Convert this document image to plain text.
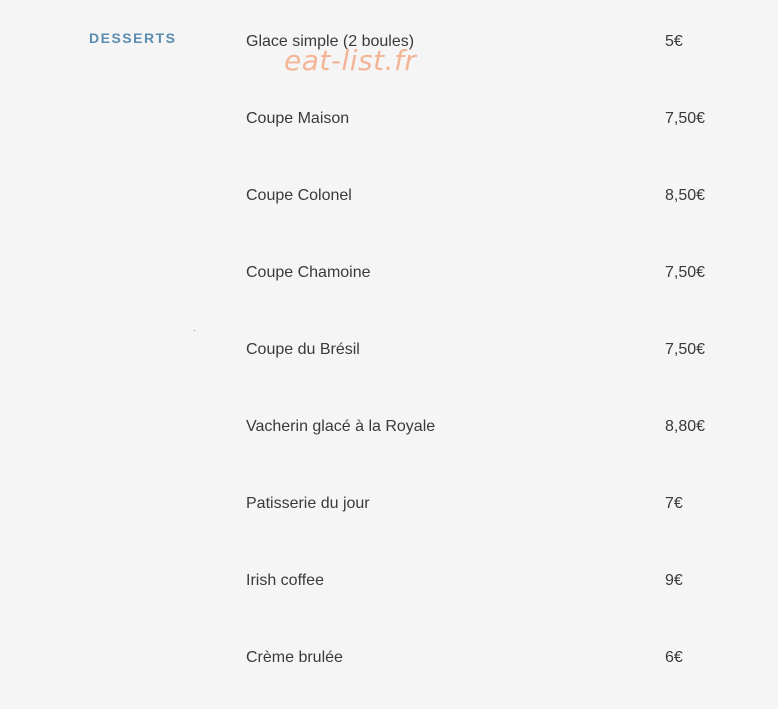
DESSERTS	Glace simple (2 boules)	5€
Coupe Maison	7,50€
Coupe Colonel	8,50€
Coupe Chamoine	7,50€
Coupe du Brésil	7,50€
Vacherin glacé à la Royale	8,80€
Patisserie du jour	7€
Irish coffee	9€
Crème brulée	6€
eat-list.fr
